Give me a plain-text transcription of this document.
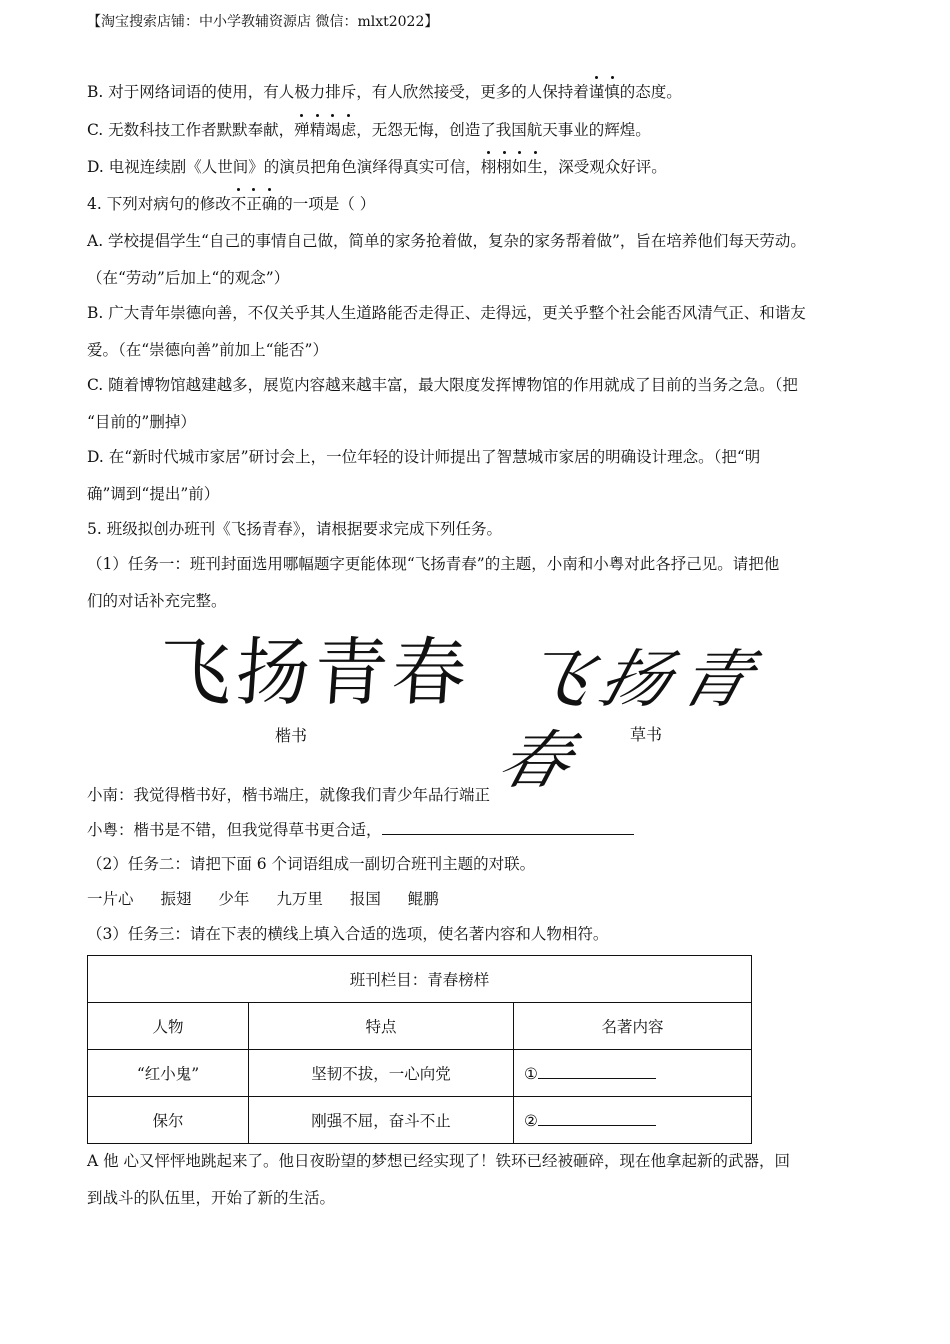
【淘宝搜索店铺：中小学教辅资源店 微信：mlxt2022】
B. 对于网络词语的使用，有人极力排斥，有人欣然接受，更多的人保持着谨慎的态度。
C. 无数科技工作者默默奉献，殚精竭虑，无怨无悔，创造了我国航天事业的辉煌。
D. 电视连续剧《人世间》的演员把角色演绎得真实可信，栩栩如生，深受观众好评。
4. 下列对病句的修改不正确的一项是（ ）
A. 学校提倡学生“自己的事情自己做，简单的家务抢着做，复杂的家务帮着做”，旨在培养他们每天劳动。
（在“劳动”后加上“的观念”）
B. 广大青年崇德向善，不仅关乎其人生道路能否走得正、走得远，更关乎整个社会能否风清气正、和谐友
爱。（在“崇德向善”前加上“能否”）
C. 随着博物馆越建越多，展览内容越来越丰富，最大限度发挥博物馆的作用就成了目前的当务之急。（把
“目前的”删掉）
D. 在“新时代城市家居”研讨会上，一位年轻的设计师提出了智慧城市家居的明确设计理念。（把“明
确”调到“提出”前）
5. 班级拟创办班刊《飞扬青春》，请根据要求完成下列任务。
（1）任务一：班刊封面选用哪幅题字更能体现“飞扬青春”的主题，小南和小粤对此各抒己见。请把他
们的对话补充完整。
飞扬青春 飞扬青春
楷书	草书
小南：我觉得楷书好，楷书端庄，就像我们青少年品行端正
小粤：楷书是不错，但我觉得草书更合适，
（2）任务二：请把下面 6 个词语组成一副切合班刊主题的对联。
一片心 振翅 少年 九万里 报国 鲲鹏
（3）任务三：请在下表的横线上填入合适的选项，使名著内容和人物相符。
班刊栏目：青春榜样		
人物	特点	名著内容
“红小鬼”	坚韧不拔，一心向党	①
保尔	刚强不屈，奋斗不止	②
A 他 心又怦怦地跳起来了。他日夜盼望的梦想已经实现了！铁环已经被砸碎，现在他拿起新的武器，回
到战斗的队伍里，开始了新的生活。
